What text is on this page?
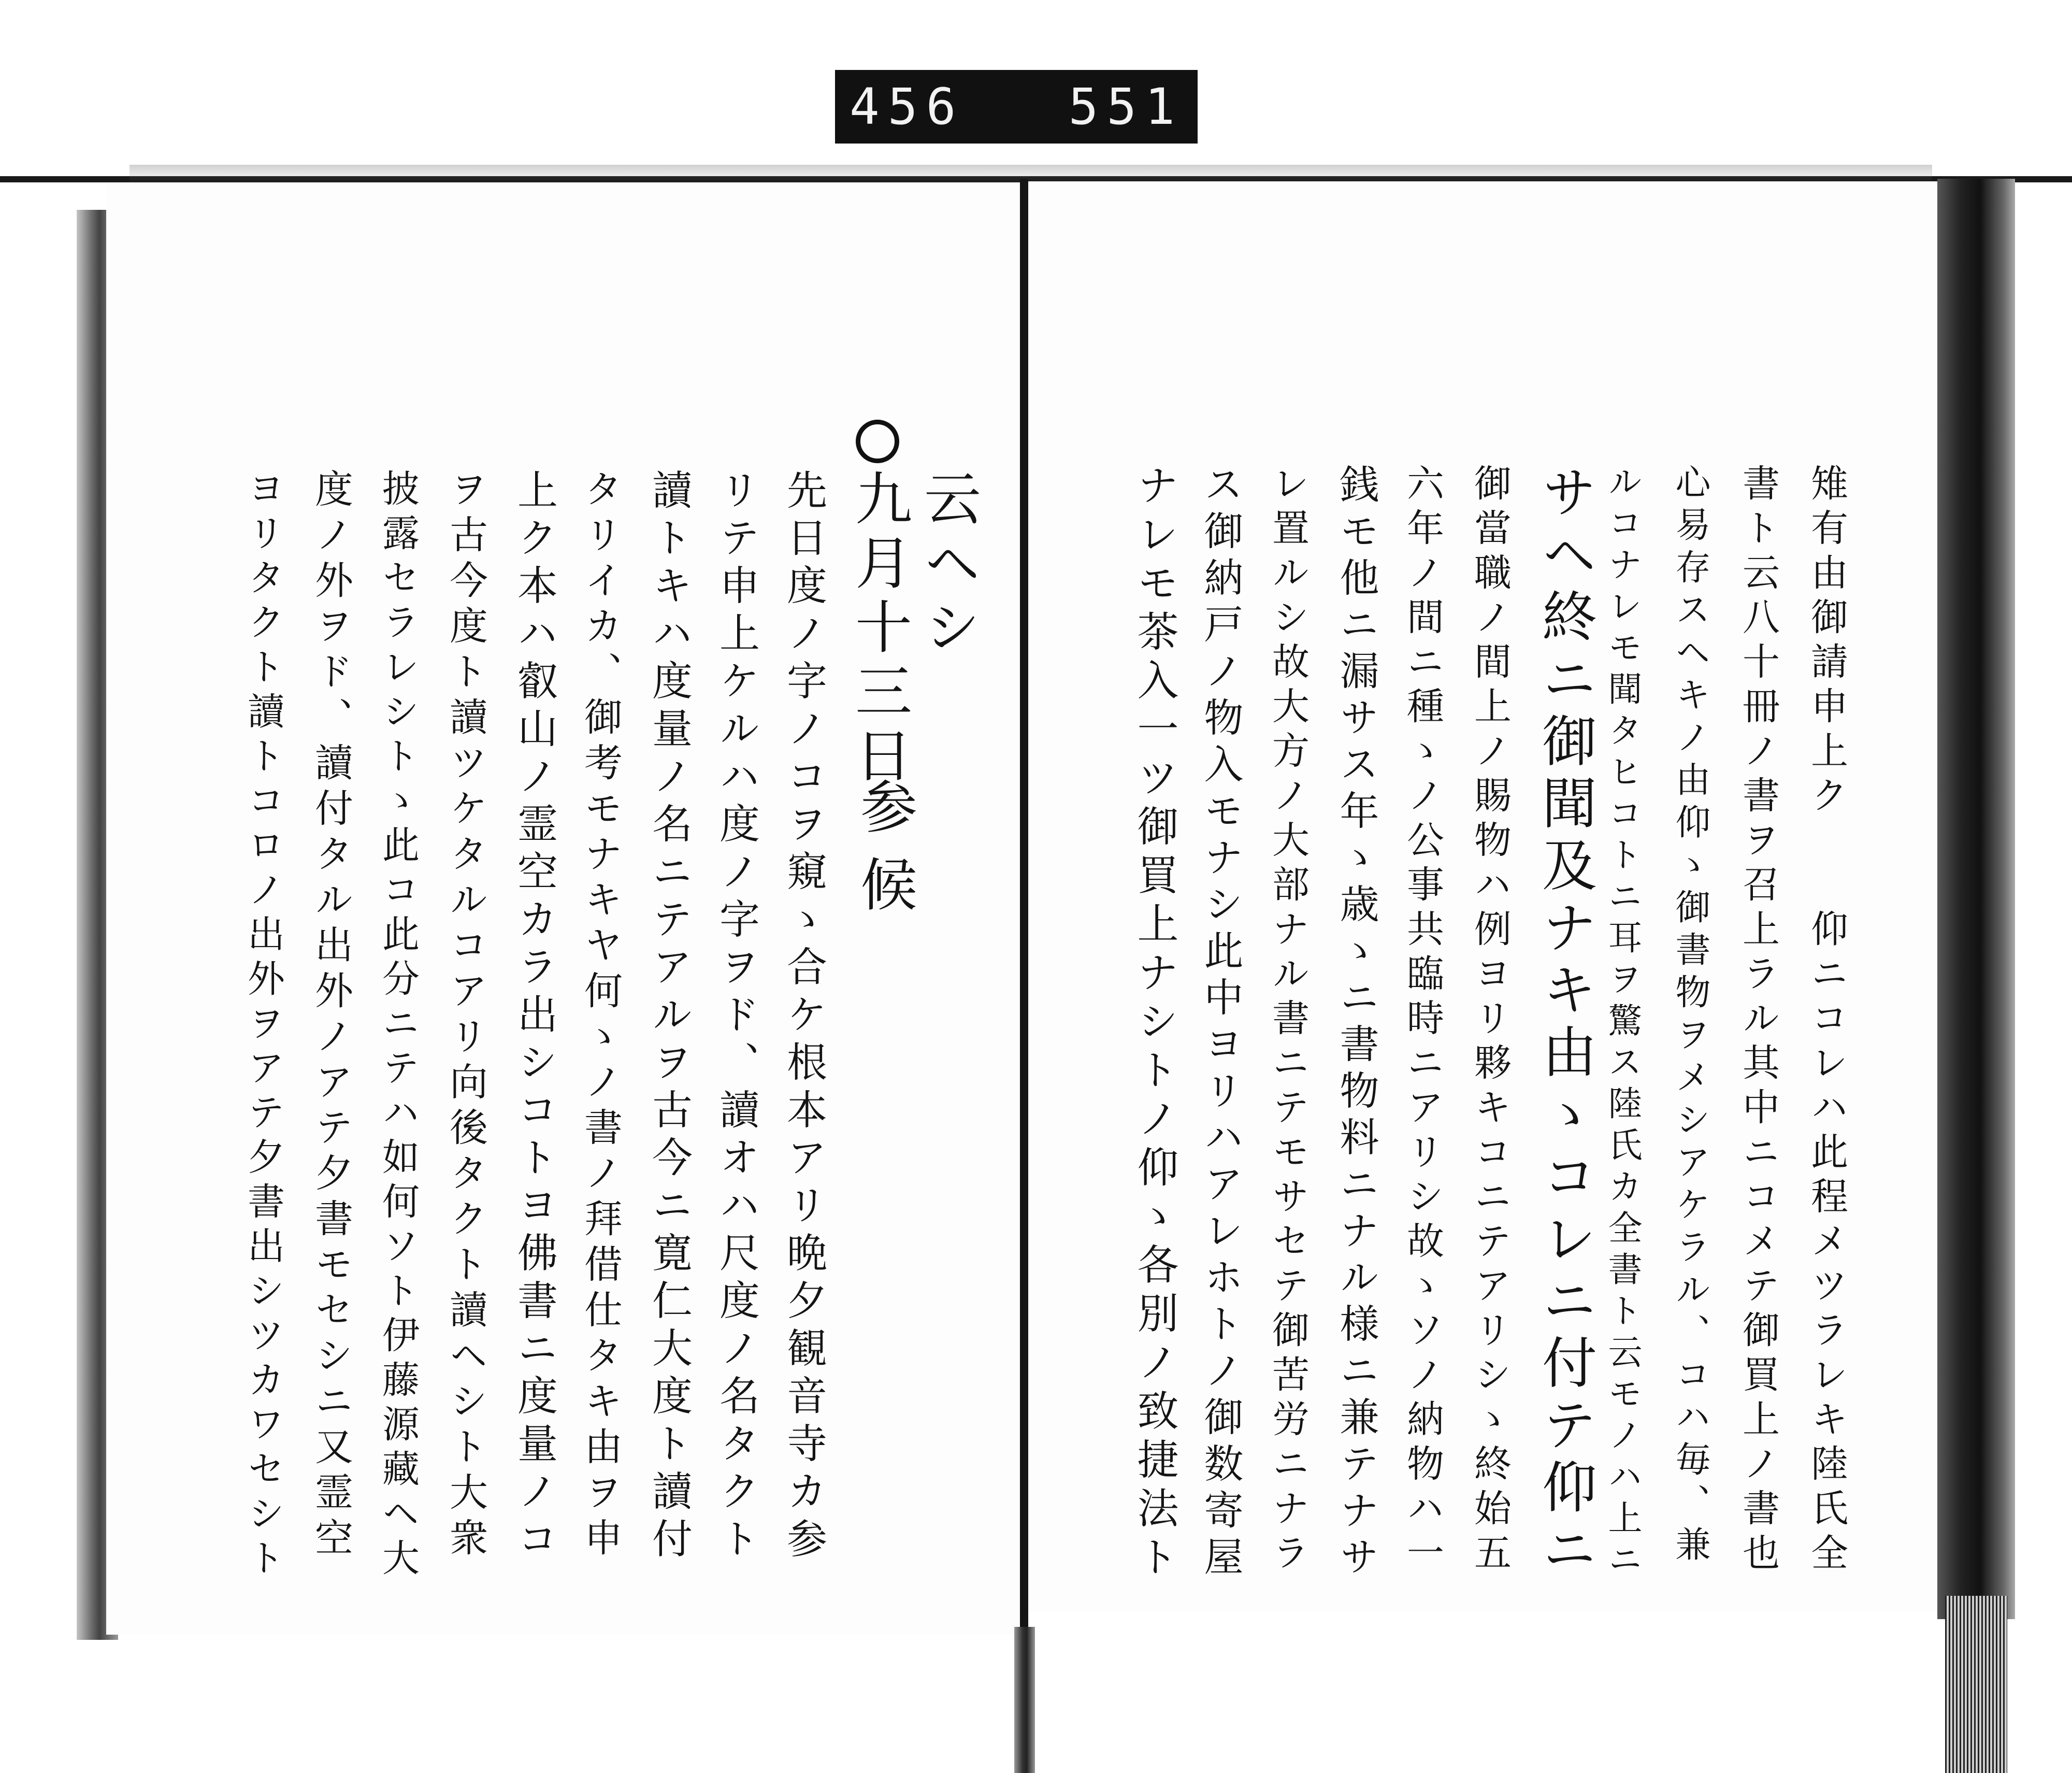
456 551
雉有由御請申上ク　　仰ニコレハ此程メツラレキ陸氏全
書ト云八十冊ノ書ヲ召上ラル其中ニコメテ御買上ノ書也
心易存スヘキノ由仰ゝ御書物ヲメシアケラル、コハ毎、兼
ルコナレモ聞タヒコトニ耳ヲ驚ス陸氏カ全書ト云モノハ上ニ
サヘ終ニ御聞及ナキ由ゝコレニ付テ仰ニ
御當職ノ間上ノ賜物ハ例ヨリ夥キコニテアリシゝ終始五
六年ノ間ニ種ゝノ公事共臨時ニアリシ故ゝソノ納物ハ一
銭モ他ニ漏サス年ゝ歳ゝニ書物料ニナル様ニ兼テナサ
レ置ルシ故大方ノ大部ナル書ニテモサセテ御苦労ニナラ
ス御納戸ノ物入モナシ此中ヨリハアレホトノ御数寄屋
ナレモ茶入一ツ御買上ナシトノ仰ゝ各別ノ致捷法ト
云ヘシ
九月十三日
参候
先日度ノ字ノコヲ窺ゝ合ケ根本アリ晩夕観音寺カ参
リテ申上ケルハ度ノ字ヲド、讀オハ尺度ノ名タクト
讀トキハ度量ノ名ニテアルヲ古今ニ寛仁大度ト讀付
タリイカ、御考モナキヤ何ゝノ書ノ拜借仕タキ由ヲ申
上ク本ハ叡山ノ霊空カラ出シコトヨ佛書ニ度量ノコ
ヲ古今度ト讀ツケタルコアリ向後タクト讀ヘシト大衆
披露セラレシトゝ此コ此分ニテハ如何ソト伊藤源藏ヘ大
度ノ外ヲド、讀付タル出外ノアテ夕書モセシニ又霊空
ヨリタクト讀トコロノ出外ヲアテ夕書出シツカワセシト
